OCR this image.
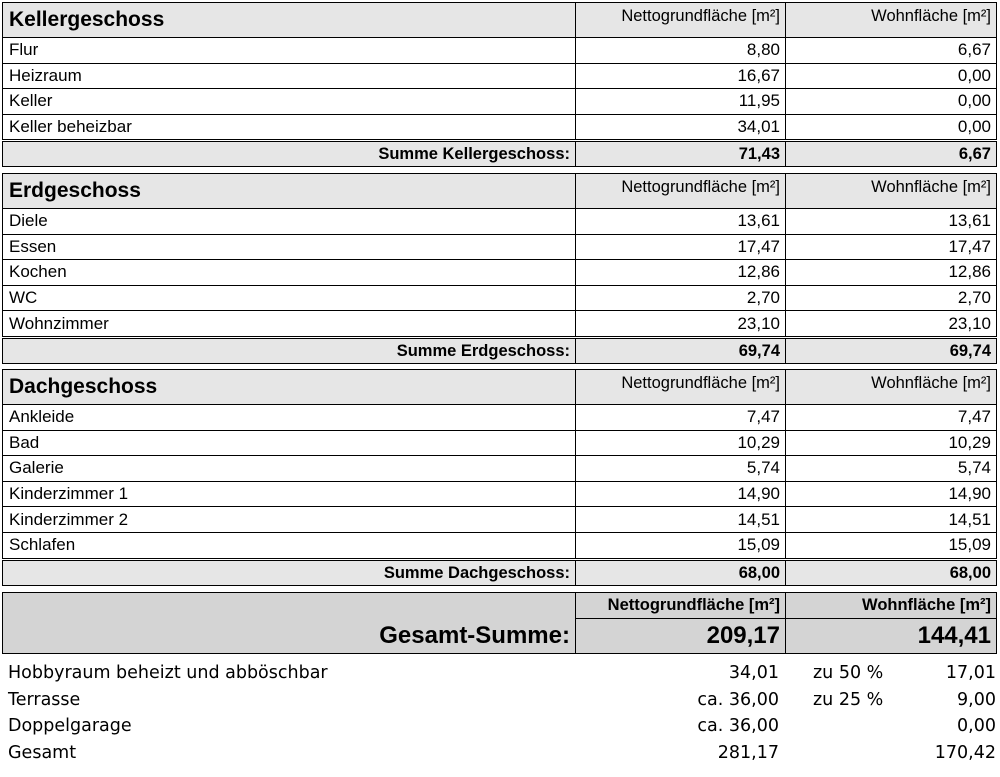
Kellergeschoss	Nettogrundfläche [m²]	Wohnfläche [m²]
Flur	8,80	6,67
Heizraum	16,67	0,00
Keller	11,95	0,00
Keller beheizbar	34,01	0,00
Summe Kellergeschoss:	71,43	6,67
Erdgeschoss	Nettogrundfläche [m²]	Wohnfläche [m²]
Diele	13,61	13,61
Essen	17,47	17,47
Kochen	12,86	12,86
WC	2,70	2,70
Wohnzimmer	23,10	23,10
Summe Erdgeschoss:	69,74	69,74
Dachgeschoss	Nettogrundfläche [m²]	Wohnfläche [m²]
Ankleide	7,47	7,47
Bad	10,29	10,29
Galerie	5,74	5,74
Kinderzimmer 1	14,90	14,90
Kinderzimmer 2	14,51	14,51
Schlafen	15,09	15,09
Summe Dachgeschoss:	68,00	68,00
	Nettogrundfläche [m²]	Wohnfläche [m²]
Gesamt-Summe:	209,17	144,41
Hobbyraum beheizt und abböschbar	34,01	zu 50 %	17,01
Terrasse	ca. 36,00	zu 25 %	9,00
Doppelgarage	ca. 36,00		0,00
Gesamt	281,17		170,42
